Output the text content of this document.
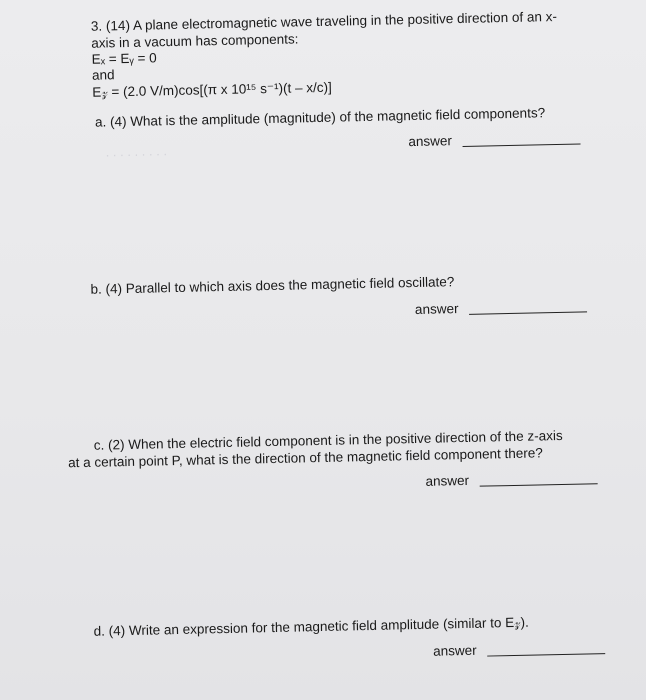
. . . . . . . . .
3. (14) A plane electromagnetic wave traveling in the positive direction of an x-
axis in a vacuum has components:
Eₓ = Eᵧ = 0
and
E𝓏 = (2.0 V/m)cos[(π x 10¹⁵ s⁻¹)(t – x/c)]
a. (4) What is the amplitude (magnitude) of the magnetic field components?
answer
b. (4) Parallel to which axis does the magnetic field oscillate?
answer
c. (2) When the electric field component is in the positive direction of the z-axis
at a certain point P, what is the direction of the magnetic field component there?
answer
d. (4) Write an expression for the magnetic field amplitude (similar to E𝓏).
answer
